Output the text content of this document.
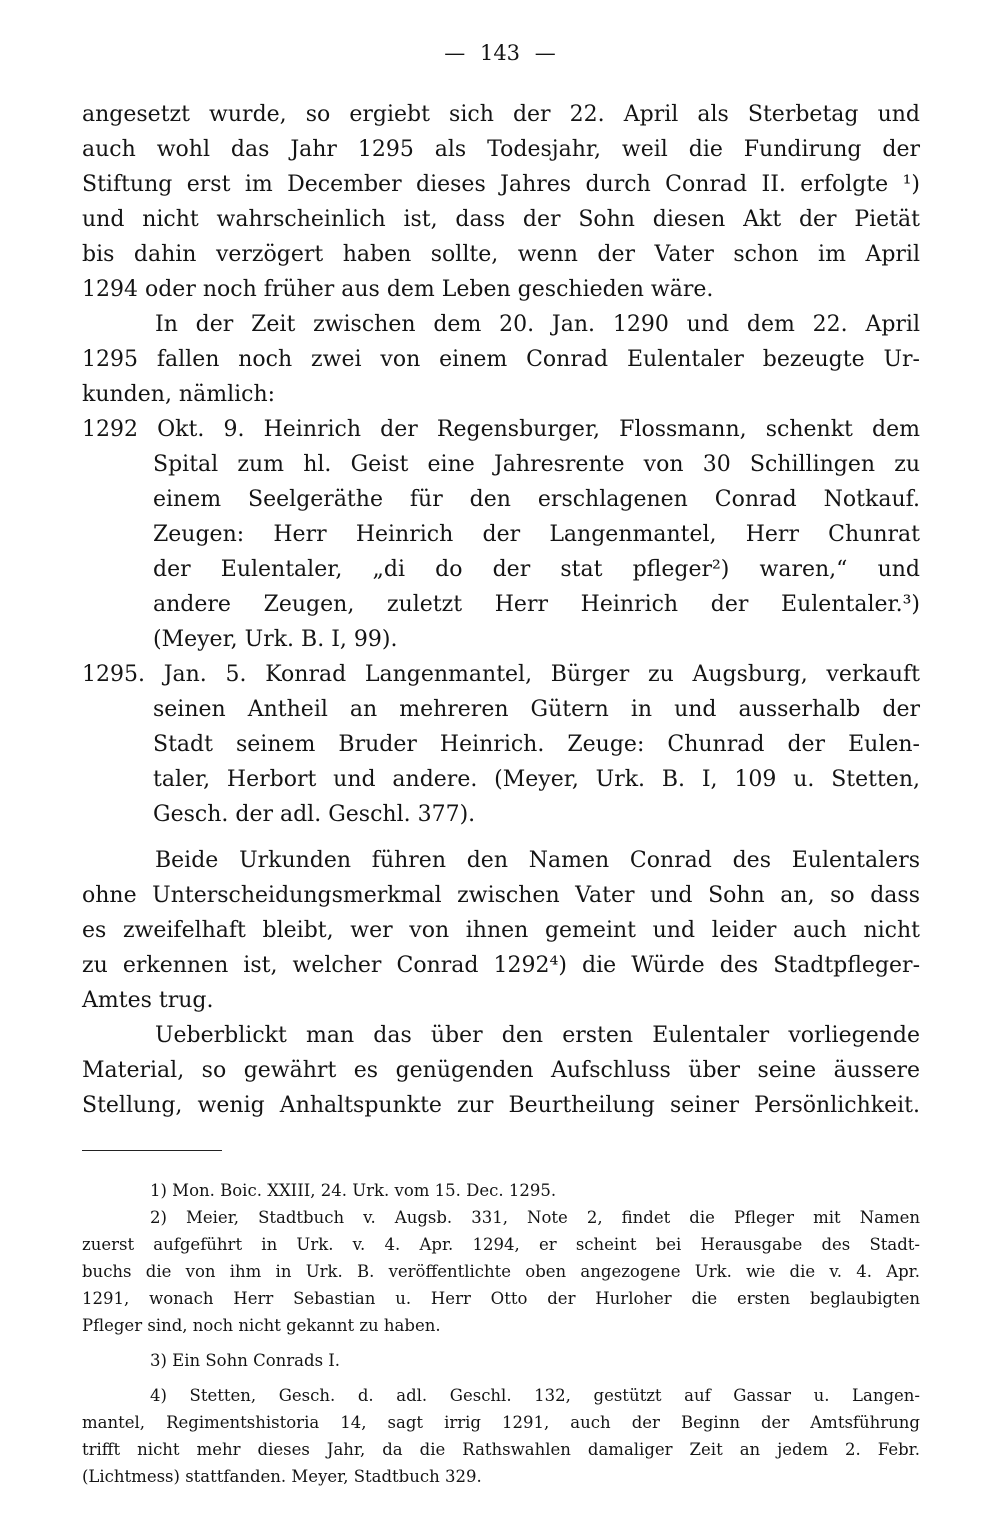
— 143 —
angesetzt wurde, so ergiebt sich der 22. April als Sterbetag und
auch wohl das Jahr 1295 als Todesjahr, weil die Fundirung der
Stiftung erst im December dieses Jahres durch Conrad II. erfolgte ¹)
und nicht wahrscheinlich ist, dass der Sohn diesen Akt der Pietät
bis dahin verzögert haben sollte, wenn der Vater schon im April
1294 oder noch früher aus dem Leben geschieden wäre.
In der Zeit zwischen dem 20. Jan. 1290 und dem 22. April
1295 fallen noch zwei von einem Conrad Eulentaler bezeugte Ur-
kunden, nämlich:
1292 Okt. 9. Heinrich der Regensburger, Flossmann, schenkt dem
Spital zum hl. Geist eine Jahresrente von 30 Schillingen zu
einem Seelgeräthe für den erschlagenen Conrad Notkauf.
Zeugen: Herr Heinrich der Langenmantel, Herr Chunrat
der Eulentaler, „di do der stat pfleger²) waren,“ und
andere Zeugen, zuletzt Herr Heinrich der Eulentaler.³)
(Meyer, Urk. B. I, 99).
1295. Jan. 5. Konrad Langenmantel, Bürger zu Augsburg, verkauft
seinen Antheil an mehreren Gütern in und ausserhalb der
Stadt seinem Bruder Heinrich. Zeuge: Chunrad der Eulen-
taler, Herbort und andere. (Meyer, Urk. B. I, 109 u. Stetten,
Gesch. der adl. Geschl. 377).
Beide Urkunden führen den Namen Conrad des Eulentalers
ohne Unterscheidungsmerkmal zwischen Vater und Sohn an, so dass
es zweifelhaft bleibt, wer von ihnen gemeint und leider auch nicht
zu erkennen ist, welcher Conrad 1292⁴) die Würde des Stadtpfleger-
Amtes trug.
Ueberblickt man das über den ersten Eulentaler vorliegende
Material, so gewährt es genügenden Aufschluss über seine äussere
Stellung, wenig Anhaltspunkte zur Beurtheilung seiner Persönlichkeit.
1) Mon. Boic. XXIII, 24. Urk. vom 15. Dec. 1295.
2) Meier, Stadtbuch v. Augsb. 331, Note 2, findet die Pfleger mit Namen
zuerst aufgeführt in Urk. v. 4. Apr. 1294, er scheint bei Herausgabe des Stadt-
buchs die von ihm in Urk. B. veröffentlichte oben angezogene Urk. wie die v. 4. Apr.
1291, wonach Herr Sebastian u. Herr Otto der Hurloher die ersten beglaubigten
Pfleger sind, noch nicht gekannt zu haben.
3) Ein Sohn Conrads I.
4) Stetten, Gesch. d. adl. Geschl. 132, gestützt auf Gassar u. Langen-
mantel, Regimentshistoria 14, sagt irrig 1291, auch der Beginn der Amtsführung
trifft nicht mehr dieses Jahr, da die Rathswahlen damaliger Zeit an jedem 2. Febr.
(Lichtmess) stattfanden. Meyer, Stadtbuch 329.
